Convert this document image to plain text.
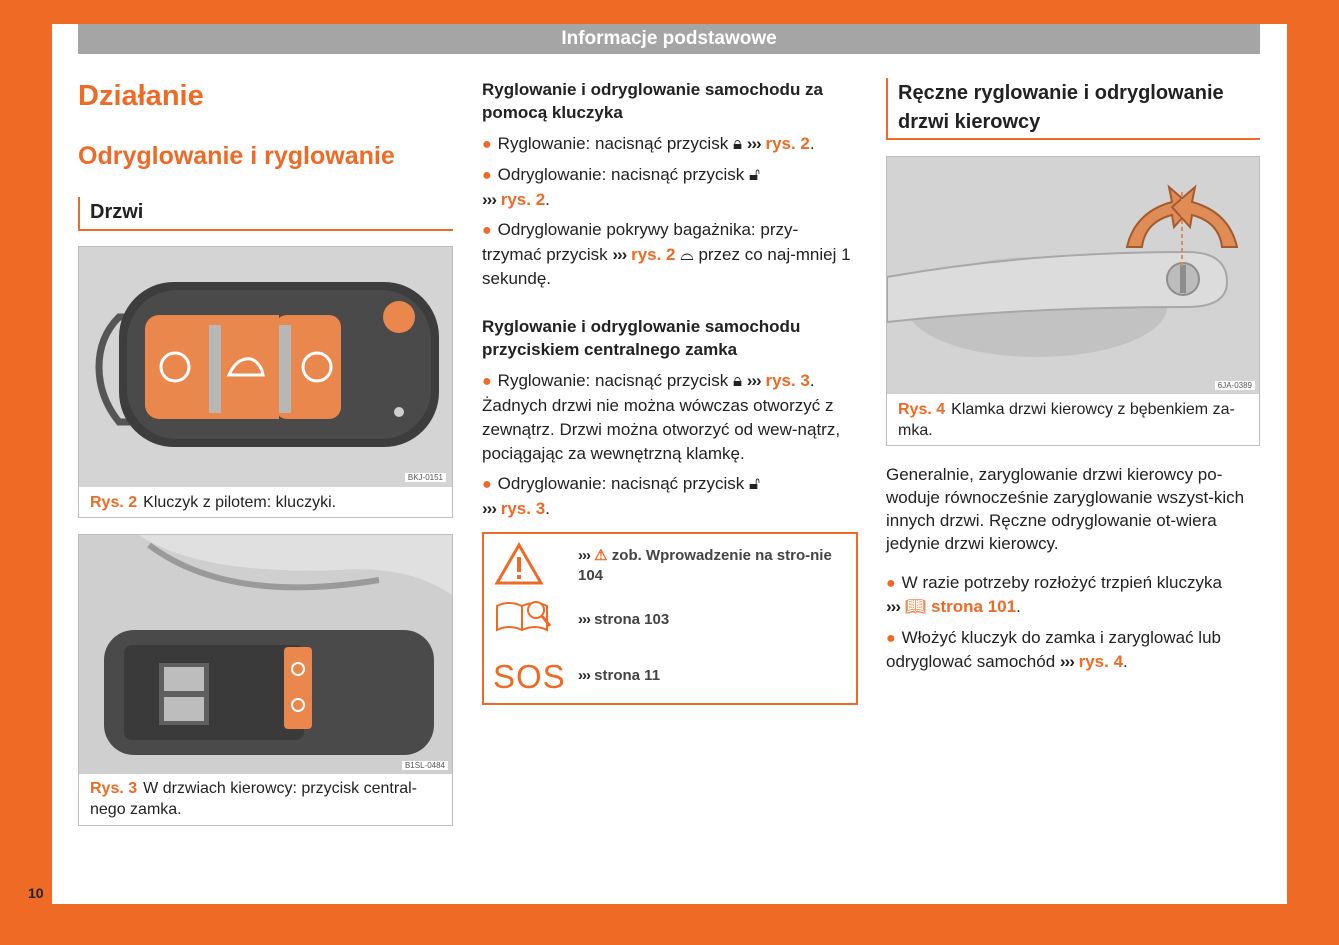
Informacje podstawowe
Działanie
Odryglowanie i ryglowanie
Drzwi
BKJ-0151
Rys. 2 Kluczyk z pilotem: kluczyki.
B1SL-0484
Rys. 3 W drzwiach kierowcy: przycisk central-nego zamka.
Ryglowanie i odryglowanie samochodu za pomocą kluczyka
● Ryglowanie: nacisnąć przycisk 🔒︎ ››› rys. 2.
● Odryglowanie: nacisnąć przycisk 🔓︎
››› rys. 2.
● Odryglowanie pokrywy bagażnika: przy-trzymać przycisk ››› rys. 2 ⌓ przez co naj-mniej 1 sekundę.
Ryglowanie i odryglowanie samochodu przyciskiem centralnego zamka
● Ryglowanie: nacisnąć przycisk 🔒︎ ››› rys. 3. Żadnych drzwi nie można wówczas otworzyć z zewnątrz. Drzwi można otworzyć od wew-nątrz, pociągając za wewnętrzną klamkę.
● Odryglowanie: nacisnąć przycisk 🔓︎
››› rys. 3.
››› ⚠ zob. Wprowadzenie na stro-nie 104
››› strona 103
SOS ››› strona 11
Ręczne ryglowanie i odryglowanie drzwi kierowcy
6JA-0389
Rys. 4 Klamka drzwi kierowcy z bębenkiem za-mka.

Generalnie, zaryglowanie drzwi kierowcy po-woduje równocześnie zaryglowanie wszyst-kich innych drzwi. Ręczne odryglowanie ot-wiera jedynie drzwi kierowcy.

● W razie potrzeby rozłożyć trzpień kluczyka
››› 📖︎ strona 101.
● Włożyć kluczyk do zamka i zaryglować lub odryglować samochód ››› rys. 4.
10
